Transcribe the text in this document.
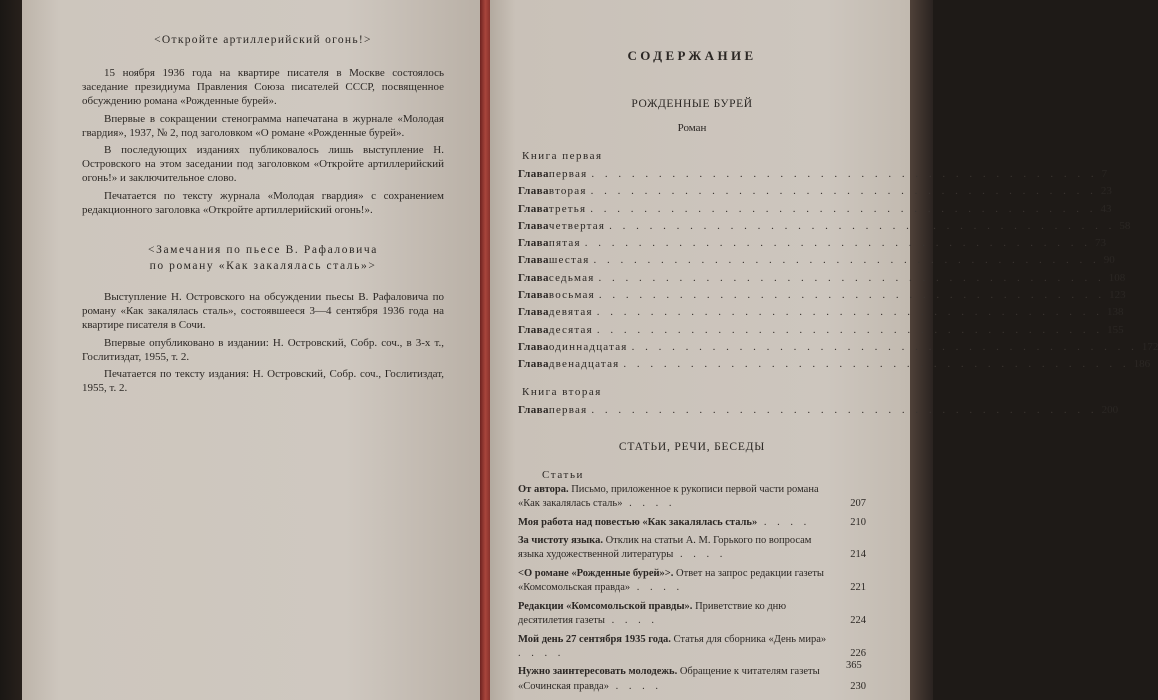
<Откройте артиллерийский огонь!>

15 ноября 1936 года на квартире писателя в Москве состоялось заседание президиума Правления Союза писателей СССР, посвященное обсуждению романа «Рожденные бурей».

Впервые в сокращении стенограмма напечатана в журнале «Молодая гвардия», 1937, № 2, под заголовком «О романе «Рожденные бурей».

В последующих изданиях публиковалось лишь выступление Н. Островского на этом заседании под заголовком «Откройте артиллерийский огонь!» и заключительное слово.

Печатается по тексту журнала «Молодая гвардия» с сохранением редакционного заголовка «Откройте артиллерийский огонь!».

<Замечания по пьесе В. Рафаловича
по роману «Как закалялась сталь»>

Выступление Н. Островского на обсуждении пьесы В. Рафаловича по роману «Как закалялась сталь», состоявшееся 3—4 сентября 1936 года на квартире писателя в Сочи.

Впервые опубликовано в издании: Н. Островский, Собр. соч., в 3-х т., Гослитиздат, 1955, т. 2.

Печатается по тексту издания: Н. Островский, Собр. соч., Гослитиздат, 1955, т. 2.

СОДЕРЖАНИЕ
РОЖДЕННЫЕ БУРЕЙ
Роман
Книга первая
Глава первая . . . . . . . . . . . . . . . . . . . . . . . . . . . . . . . . . . . . . . 7
Глава вторая . . . . . . . . . . . . . . . . . . . . . . . . . . . . . . . . . . . . . . 23
Глава третья . . . . . . . . . . . . . . . . . . . . . . . . . . . . . . . . . . . . . . 43
Глава четвертая . . . . . . . . . . . . . . . . . . . . . . . . . . . . . . . . . . . . . . 58
Глава пятая . . . . . . . . . . . . . . . . . . . . . . . . . . . . . . . . . . . . . . 73
Глава шестая . . . . . . . . . . . . . . . . . . . . . . . . . . . . . . . . . . . . . . 90
Глава седьмая . . . . . . . . . . . . . . . . . . . . . . . . . . . . . . . . . . . . . . 108
Глава восьмая . . . . . . . . . . . . . . . . . . . . . . . . . . . . . . . . . . . . . . 123
Глава девятая . . . . . . . . . . . . . . . . . . . . . . . . . . . . . . . . . . . . . . 138
Глава десятая . . . . . . . . . . . . . . . . . . . . . . . . . . . . . . . . . . . . . . 155
Глава одиннадцатая . . . . . . . . . . . . . . . . . . . . . . . . . . . . . . . . . . . . . . 172
Глава двенадцатая . . . . . . . . . . . . . . . . . . . . . . . . . . . . . . . . . . . . . . 186
Книга вторая
Глава первая . . . . . . . . . . . . . . . . . . . . . . . . . . . . . . . . . . . . . . 200
СТАТЬИ, РЕЧИ, БЕСЕДЫ
Статьи
От автора. Письмо, приложенное к рукописи первой части романа «Как закалялась сталь» . . . .	207
Моя работа над повестью «Как закалялась сталь» . . . .	210
За чистоту языка. Отклик на статьи А. М. Горького по вопросам языка художественной литературы . . . .	214
<О романе «Рожденные бурей»>. Ответ на запрос редакции газеты «Комсомольская правда» . . . .	221
Редакции «Комсомольской правды». Приветствие ко дню десятилетия газеты . . . .	224
Мой день 27 сентября 1935 года. Статья для сборника «День мира» . . . .	226
Нужно заинтересовать молодежь. Обращение к читателям газеты «Сочинская правда» . . . .	230
365
